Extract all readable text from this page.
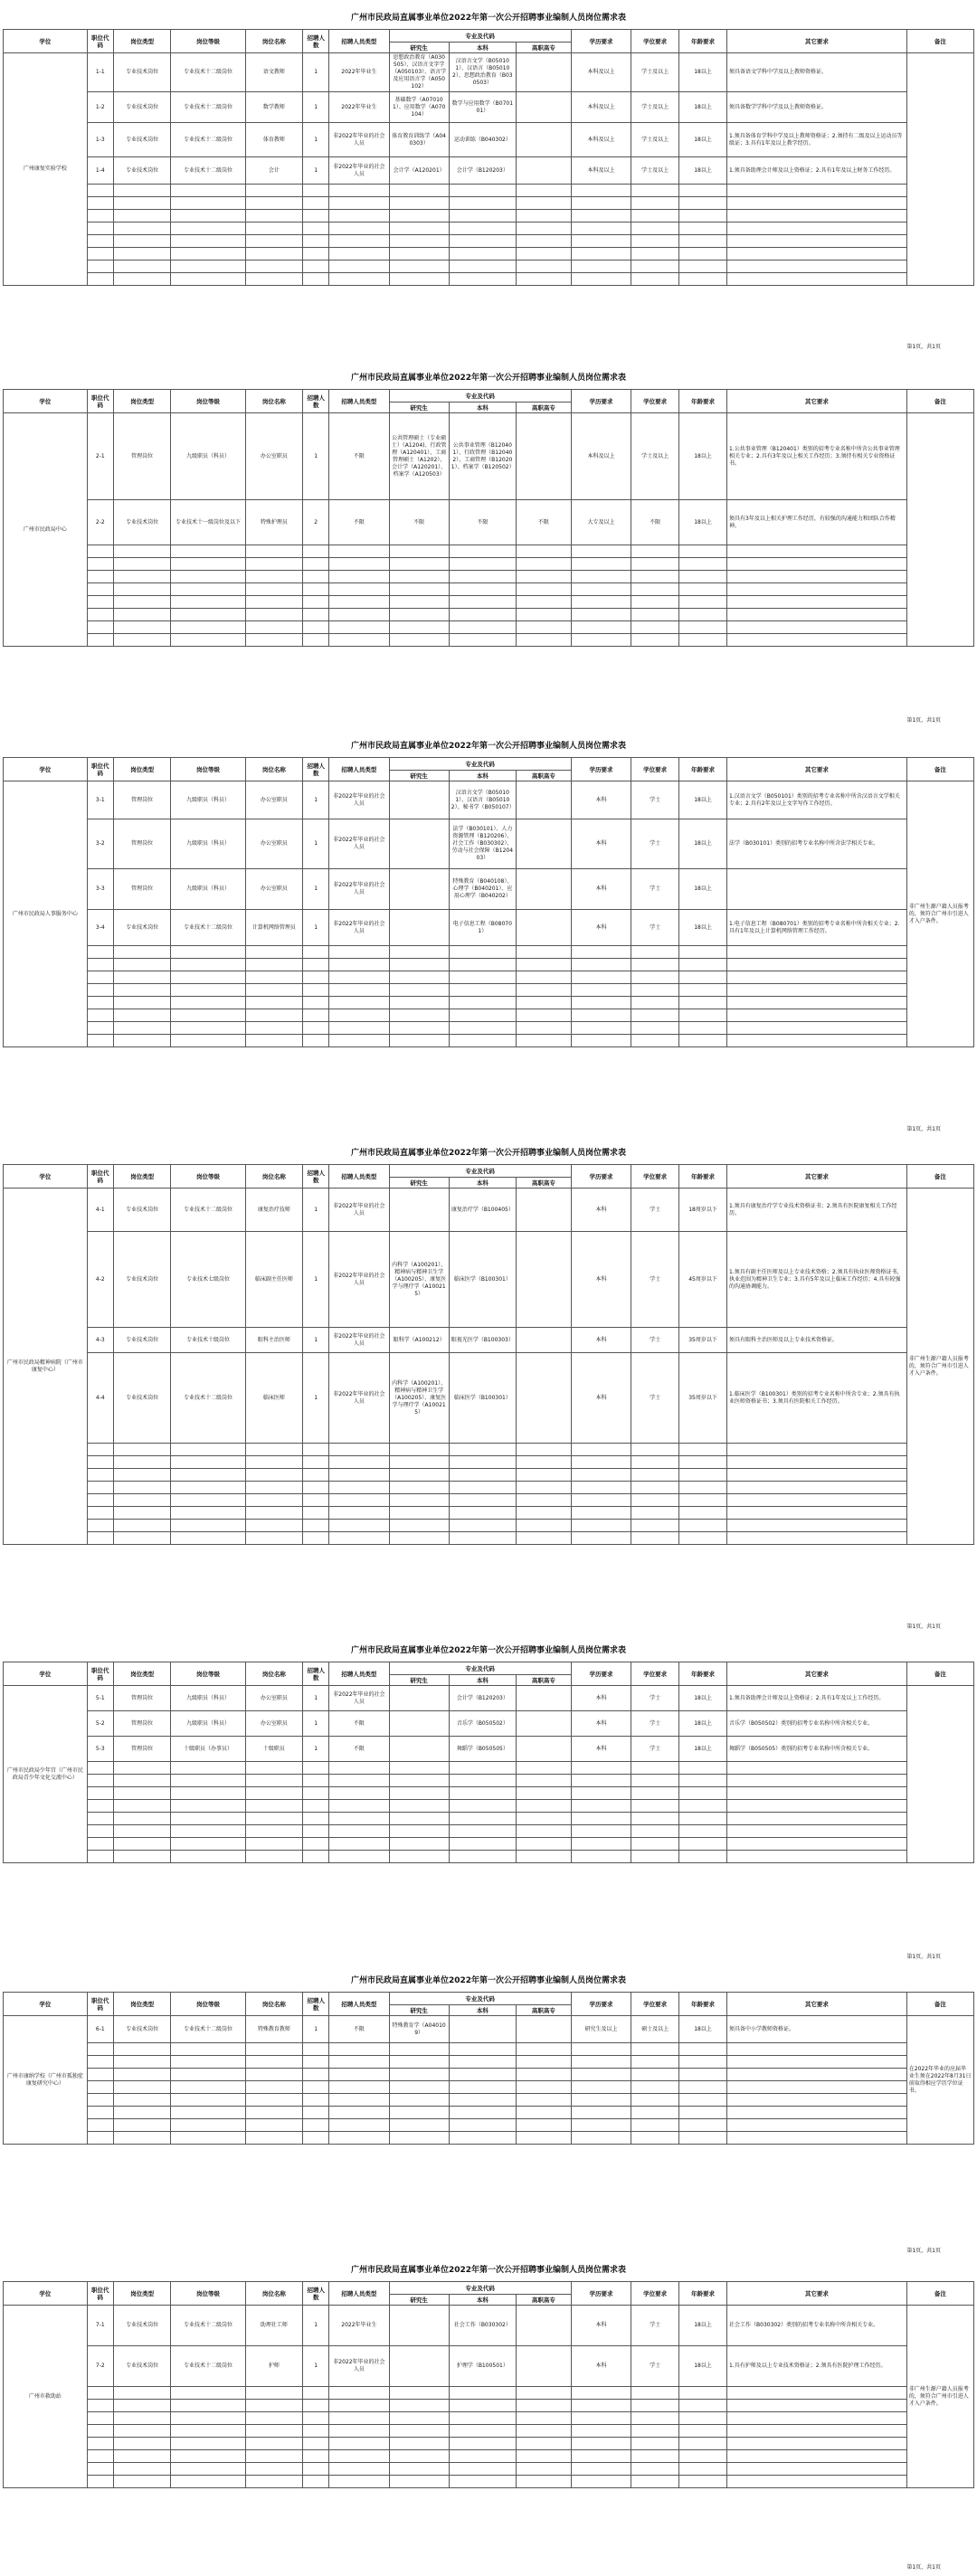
广州市民政局直属事业单位2022年第一次公开招聘事业编制人员岗位需求表
学位	职位代码	岗位类型	岗位等级	岗位名称	招聘人数	招聘人员类型	专业及代码			学历要求	学位要求	年龄要求	其它要求	备注
							研究生	本科	高职高专					
广州康复实验学校	1-1	专业技术岗位	专业技术十二级岗位	语文教师	1	2022年毕业生	思想政治教育（A030505）、汉语言文字学（A050103）、语言学及应用语言学（A050102）	汉语言文学（B050101）、汉语言（B050102）、思想政治教育（B030503）		本科及以上	学士及以上	18以上	须具备语文学科中学及以上教师资格证。	
	1-2	专业技术岗位	专业技术十二级岗位	数学教师	1	2022年毕业生	基础数学（A070101）、应用数学（A070104）	数学与应用数学（B070101）		本科及以上	学士及以上	18以上	须具备数学学科中学及以上教师资格证。	
	1-3	专业技术岗位	专业技术十二级岗位	体育教师	1	非2022年毕业的社会人员	体育教育训练学（A040303）	运动训练（B040302）		本科及以上	学士及以上	18以上	1.须具备体育学科中学及以上教师资格证；2.须持有二级及以上运动员等级证；3.具有1年及以上教学经历。	
	1-4	专业技术岗位	专业技术十二级岗位	会计	1	非2022年毕业的社会人员	会计学（A120201）	会计学（B120203）		本科及以上	学士及以上	18以上	1.须具备助理会计师及以上资格证；2.具有1年及以上财务工作经历。	

第1页，共1页
广州市民政局直属事业单位2022年第一次公开招聘事业编制人员岗位需求表
学位	职位代码	岗位类型	岗位等级	岗位名称	招聘人数	招聘人员类型	专业及代码			学历要求	学位要求	年龄要求	其它要求	备注
							研究生	本科	高职高专					
广州市民政局中心	2-1	管理岗位	九级职员（科员）	办公室职员	1	不限	公共管理硕士（专业硕士）（A1204)、行政管理（A120401）、工商管理硕士（A1202）、会计学（A120201）、档案学（A120503）	公共事业管理（B120401）、行政管理（B120402）、工商管理（B120201）、档案学（B120502）		本科及以上	学士及以上	18以上	1.公共事业管理（B120401）类别的招考专业名称中所含公共事业管理相关专业；2.具有3年及以上相关工作经历；3.须持有相关专业资格证书。	
	2-2	专业技术岗位	专业技术十一级岗位及以下	特殊护理员	2	不限	不限	不限	不限	大专及以上	不限	18以上	须具有3年及以上相关护理工作经历，有较强的沟通能力和团队合作精神。	

第1页，共1页
广州市民政局直属事业单位2022年第一次公开招聘事业编制人员岗位需求表
学位	职位代码	岗位类型	岗位等级	岗位名称	招聘人数	招聘人员类型	专业及代码			学历要求	学位要求	年龄要求	其它要求	备注
							研究生	本科	高职高专					
广州市民政局人事服务中心	3-1	管理岗位	九级职员（科员）	办公室职员	1	非2022年毕业的社会人员		汉语言文学（B050101）、汉语言（B050102）、秘书学（B050107）		本科	学士	18以上	1.汉语言文学（B050101）类别的招考专业名称中所含汉语言文学相关专业；2.具有2年及以上文字写作工作经历。	非广州生源户籍人员报考的，须符合广州市引进人才入户条件。
	3-2	管理岗位	九级职员（科员）	办公室职员	1	非2022年毕业的社会人员		法学（B030101）、人力资源管理（B120206）、社会工作（B030302）、劳动与社会保障（B120403）		本科	学士	18以上	法学（B030101）类别的招考专业名称中所含法学相关专业。	
	3-3	管理岗位	九级职员（科员）	办公室职员	1	非2022年毕业的社会人员		特殊教育（B040108）、心理学（B040201）、应用心理学（B040202）		本科	学士	18以上		
	3-4	专业技术岗位	专业技术十二级岗位	计算机网络管理员	1	非2022年毕业的社会人员		电子信息工程（B080701）		本科	学士	18以上	1.电子信息工程（B080701）类别的招考专业名称中所含相关专业；2.具有1年及以上计算机网络管理工作经历。	

第1页，共1页
广州市民政局直属事业单位2022年第一次公开招聘事业编制人员岗位需求表
学位	职位代码	岗位类型	岗位等级	岗位名称	招聘人数	招聘人员类型	专业及代码			学历要求	学位要求	年龄要求	其它要求	备注
							研究生	本科	高职高专					
广州市民政局精神病院（广州市康复中心）	4-1	专业技术岗位	专业技术十二级岗位	康复治疗技师	1	非2022年毕业的社会人员		康复治疗学（B100405）		本科	学士	18周岁以下	1.须具有康复治疗学专业技术资格证书；2.须具有医院康复相关工作经历。	非广州生源户籍人员报考的，须符合广州市引进人才入户条件。
	4-2	专业技术岗位	专业技术七级岗位	临床副主任医师	1	非2022年毕业的社会人员	内科学（A100201）、精神病与精神卫生学（A100205）、康复医学与理疗学（A100215）	临床医学（B100301）		本科	学士	45周岁以下	1.须具有副主任医师及以上专业技术资格；2.须具有执业医师资格证书，执业范围为精神卫生专业；3.具有5年及以上临床工作经历；4.具有较强的沟通协调能力。	
	4-3	专业技术岗位	专业技术十级岗位	眼科主治医师	1	非2022年毕业的社会人员	眼科学（A100212）	眼视光医学（B100303）		本科	学士	35周岁以下	须具有眼科主治医师及以上专业技术资格证。	
	4-4	专业技术岗位	专业技术十二级岗位	临床医师	1	非2022年毕业的社会人员	内科学（A100201）、精神病与精神卫生学（A100205）、康复医学与理疗学（A100215）	临床医学（B100301）		本科	学士	35周岁以下	1.临床医学（B100301）类别的招考专业名称中所含专业；2.须具有执业医师资格证书；3.须具有医院相关工作经历。	

第1页，共1页
广州市民政局直属事业单位2022年第一次公开招聘事业编制人员岗位需求表
学位	职位代码	岗位类型	岗位等级	岗位名称	招聘人数	招聘人员类型	专业及代码			学历要求	学位要求	年龄要求	其它要求	备注
							研究生	本科	高职高专					
广州市民政局少年宫（广州市民政局青少年文化交流中心）	5-1	管理岗位	九级职员（科员）	办公室职员	1	非2022年毕业的社会人员		会计学（B120203）		本科	学士	18以上	1.须具备助理会计师及以上资格证；2.具有1年及以上工作经历。	
	5-2	管理岗位	九级职员（科员）	办公室职员	1	不限		音乐学（B050502）		本科	学士	18以上	音乐学（B050502）类别的招考专业名称中所含相关专业。	
	5-3	管理岗位	十级职员（办事员）	十级职员	1	不限		舞蹈学（B050505）		本科	学士	18以上	舞蹈学（B050505）类别的招考专业名称中所含相关专业。	

第1页，共1页
广州市民政局直属事业单位2022年第一次公开招聘事业编制人员岗位需求表
学位	职位代码	岗位类型	岗位等级	岗位名称	招聘人数	招聘人员类型	专业及代码			学历要求	学位要求	年龄要求	其它要求	备注
							研究生	本科	高职高专					
广州市康纳学校（广州市孤独症康复研究中心）	6-1	专业技术岗位	专业技术十二级岗位	特殊教育教师	1	不限	特殊教育学（A040109）			研究生及以上	硕士及以上	18以上	须具备中小学教师资格证。	在2022年毕业的应届毕业生须在2022年8月31日前取得相应学历学位证书。

第1页，共1页
广州市民政局直属事业单位2022年第一次公开招聘事业编制人员岗位需求表
学位	职位代码	岗位类型	岗位等级	岗位名称	招聘人数	招聘人员类型	专业及代码			学历要求	学位要求	年龄要求	其它要求	备注
							研究生	本科	高职高专					
广州市救助站	7-1	专业技术岗位	专业技术十二级岗位	助理社工师	1	2022年毕业生		社会工作（B030302）		本科	学士	18以上	社会工作（B030302）类别的招考专业名称中所含相关专业。	非广州生源户籍人员报考的，须符合广州市引进人才入户条件。
	7-2	专业技术岗位	专业技术十二级岗位	护师	1	非2022年毕业的社会人员		护理学（B100501）		本科	学士	18以上	1.具有护师及以上专业技术资格证；2.须具有医院护理工作经历。	

第1页，共1页
